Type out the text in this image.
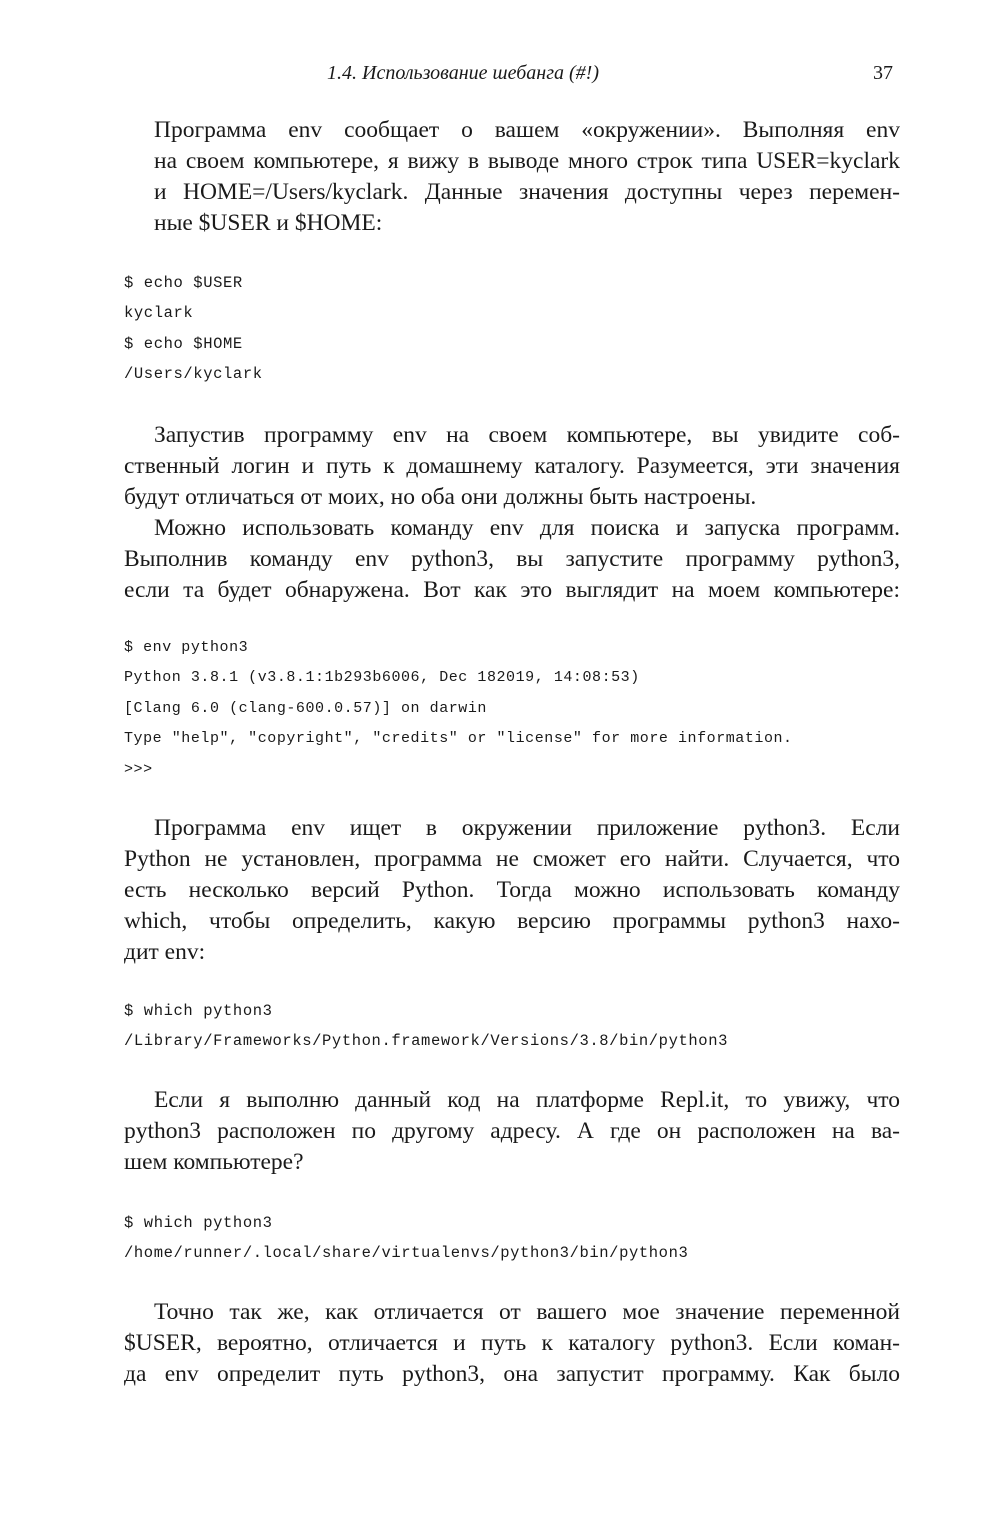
1.4. Использование шебанга (#!)	37

Программа env сообщает о вашем «окружении». Выполняя env
на своем компьютере, я вижу в выводе много строк типа USER=kyclark
и HOME=/Users/kyclark. Данные значения доступны через перемен-
ные $USER и $HOME:

$ echo $USER
kyclark
$ echo $HOME
/Users/kyclark

Запустив программу env на своем компьютере, вы увидите соб-
ственный логин и путь к домашнему каталогу. Разумеется, эти значения
будут отличаться от моих, но оба они должны быть настроены.

Можно использовать команду env для поиска и запуска программ.
Выполнив команду env python3, вы запустите программу python3,
если та будет обнаружена. Вот как это выглядит на моем компьютере:

$ env python3
Python 3.8.1 (v3.8.1:1b293b6006, Dec 182019, 14:08:53)
[Clang 6.0 (clang-600.0.57)] on darwin
Type "help", "copyright", "credits" or "license" for more information.
>>>

Программа env ищет в окружении приложение python3. Если
Python не установлен, программа не сможет его найти. Случается, что
есть несколько версий Python. Тогда можно использовать команду
which, чтобы определить, какую версию программы python3 нахо-
дит env:

$ which python3
/Library/Frameworks/Python.framework/Versions/3.8/bin/python3

Если я выполню данный код на платформе Repl.it, то увижу, что
python3 расположен по другому адресу. А где он расположен на ва-
шем компьютере?

$ which python3
/home/runner/.local/share/virtualenvs/python3/bin/python3

Точно так же, как отличается от вашего мое значение переменной
$USER, вероятно, отличается и путь к каталогу python3. Если коман-
да env определит путь python3, она запустит программу. Как было
